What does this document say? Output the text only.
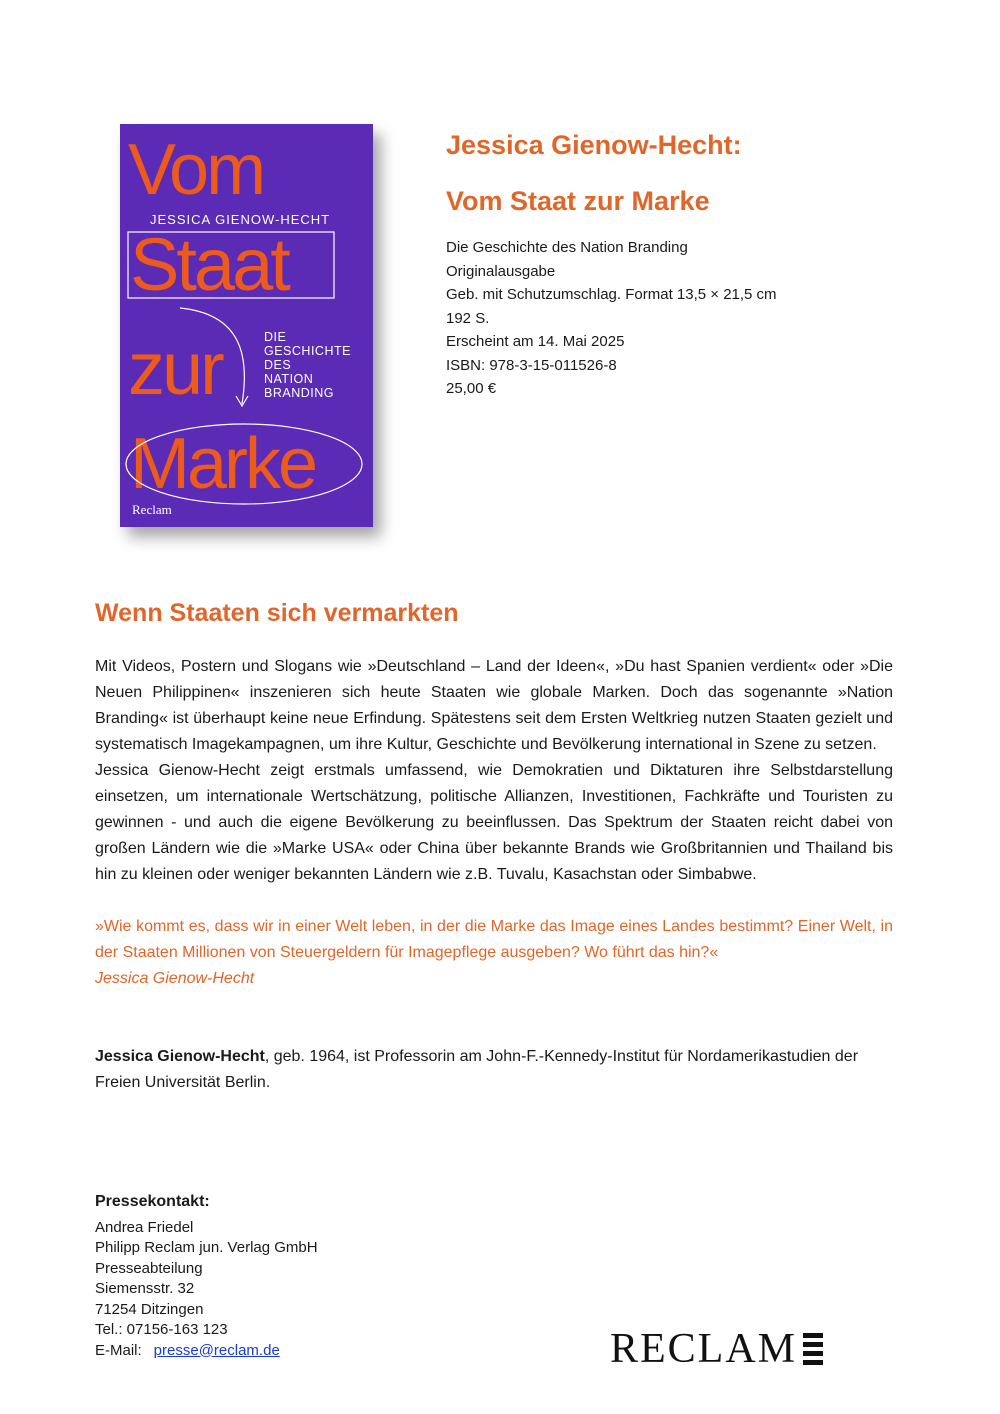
Vom
JESSICA GIENOW-HECHT
Staat
zur	DIE
GESCHICHTE
DES
NATION
BRANDING
Marke
Reclam
Jessica Gienow-Hecht:
Vom Staat zur Marke
Die Geschichte des Nation Branding
Originalausgabe
Geb. mit Schutzumschlag. Format 13,5 × 21,5 cm
192 S.
Erscheint am 14. Mai 2025
ISBN: 978-3-15-011526-8
25,00 €
Wenn Staaten sich vermarkten

Mit Videos, Postern und Slogans wie »Deutschland – Land der Ideen«, »Du hast Spanien verdient« oder »Die Neuen Philippinen« inszenieren sich heute Staaten wie globale Marken. Doch das sogenannte »Nation Branding« ist überhaupt keine neue Erfindung. Spätestens seit dem Ersten Weltkrieg nutzen Staaten gezielt und systematisch Imagekampagnen, um ihre Kultur, Geschichte und Bevölkerung international in Szene zu setzen.

Jessica Gienow-Hecht zeigt erstmals umfassend, wie Demokratien und Diktaturen ihre Selbstdarstellung einsetzen, um internationale Wertschätzung, politische Allianzen, Investitionen, Fachkräfte und Touristen zu gewinnen - und auch die eigene Bevölkerung zu beeinflussen. Das Spektrum der Staaten reicht dabei von großen Ländern wie die »Marke USA« oder China über bekannte Brands wie Großbritannien und Thailand bis hin zu kleinen oder weniger bekannten Ländern wie z.B. Tuvalu, Kasachstan oder Simbabwe.

»Wie kommt es, dass wir in einer Welt leben, in der die Marke das Image eines Landes bestimmt? Einer Welt, in der Staaten Millionen von Steuergeldern für Imagepflege ausgeben? Wo führt das hin?«

Jessica Gienow-Hecht

Jessica Gienow-Hecht, geb. 1964, ist Professorin am John-F.-Kennedy-Institut für Nordamerikastudien der Freien Universität Berlin.
Pressekontakt:
Andrea Friedel
Philipp Reclam jun. Verlag GmbH
Presseabteilung
Siemensstr. 32
71254 Ditzingen
Tel.: 07156-163 123
E-Mail: presse@reclam.de	RECLAM
